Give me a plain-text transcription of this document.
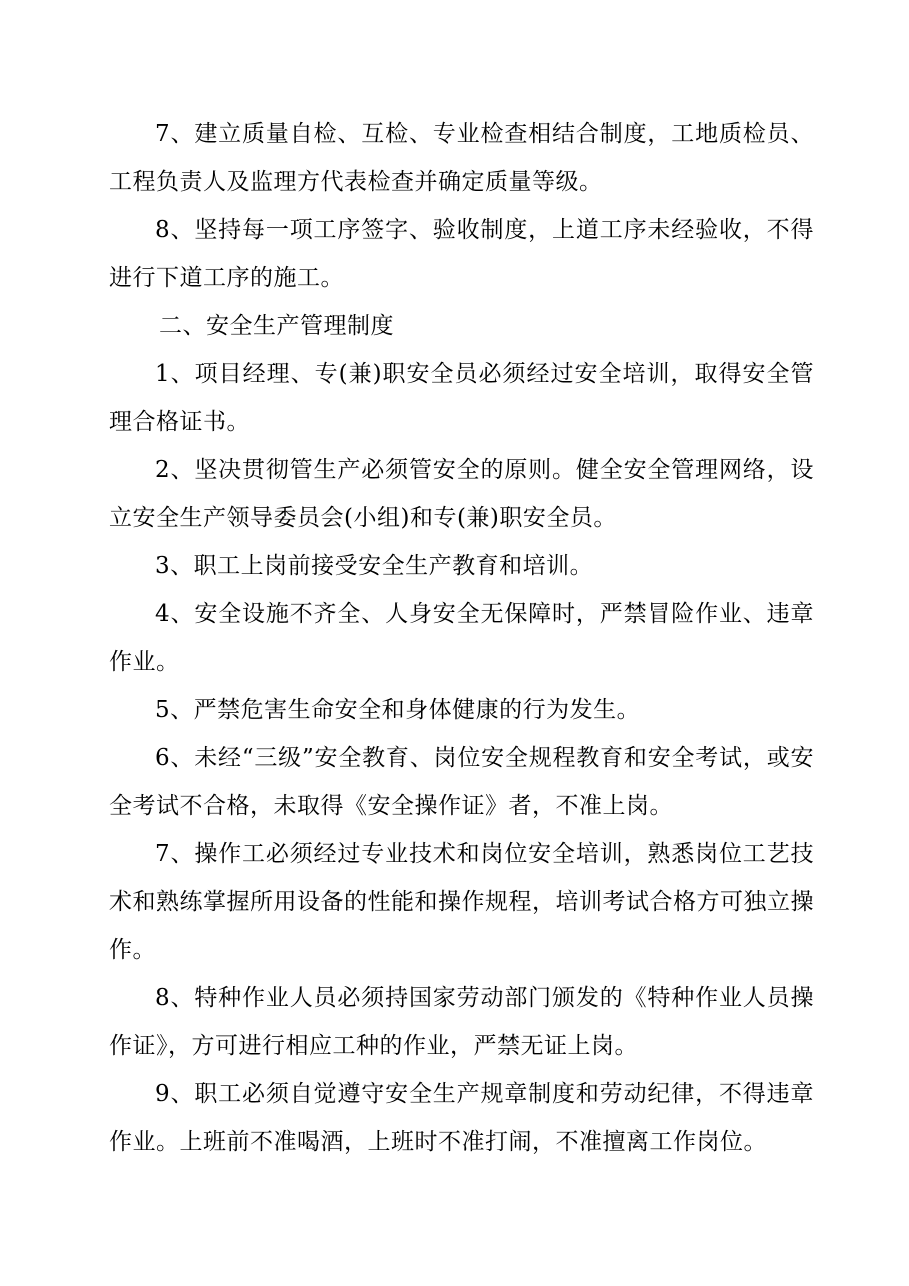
7、建立质量自检、互检、专业检查相结合制度，工地质检员、工程负责人及监理方代表检查并确定质量等级。

8、坚持每一项工序签字、验收制度，上道工序未经验收，不得进行下道工序的施工。

二、安全生产管理制度

1、项目经理、专(兼)职安全员必须经过安全培训，取得安全管理合格证书。

2、坚决贯彻管生产必须管安全的原则。健全安全管理网络，设立安全生产领导委员会(小组)和专(兼)职安全员。

3、职工上岗前接受安全生产教育和培训。

4、安全设施不齐全、人身安全无保障时，严禁冒险作业、违章作业。

5、严禁危害生命安全和身体健康的行为发生。

6、未经“三级”安全教育、岗位安全规程教育和安全考试，或安全考试不合格，未取得《安全操作证》者，不准上岗。

7、操作工必须经过专业技术和岗位安全培训，熟悉岗位工艺技术和熟练掌握所用设备的性能和操作规程，培训考试合格方可独立操作。

8、特种作业人员必须持国家劳动部门颁发的《特种作业人员操作证》，方可进行相应工种的作业，严禁无证上岗。

9、职工必须自觉遵守安全生产规章制度和劳动纪律，不得违章作业。上班前不准喝酒，上班时不准打闹，不准擅离工作岗位。
